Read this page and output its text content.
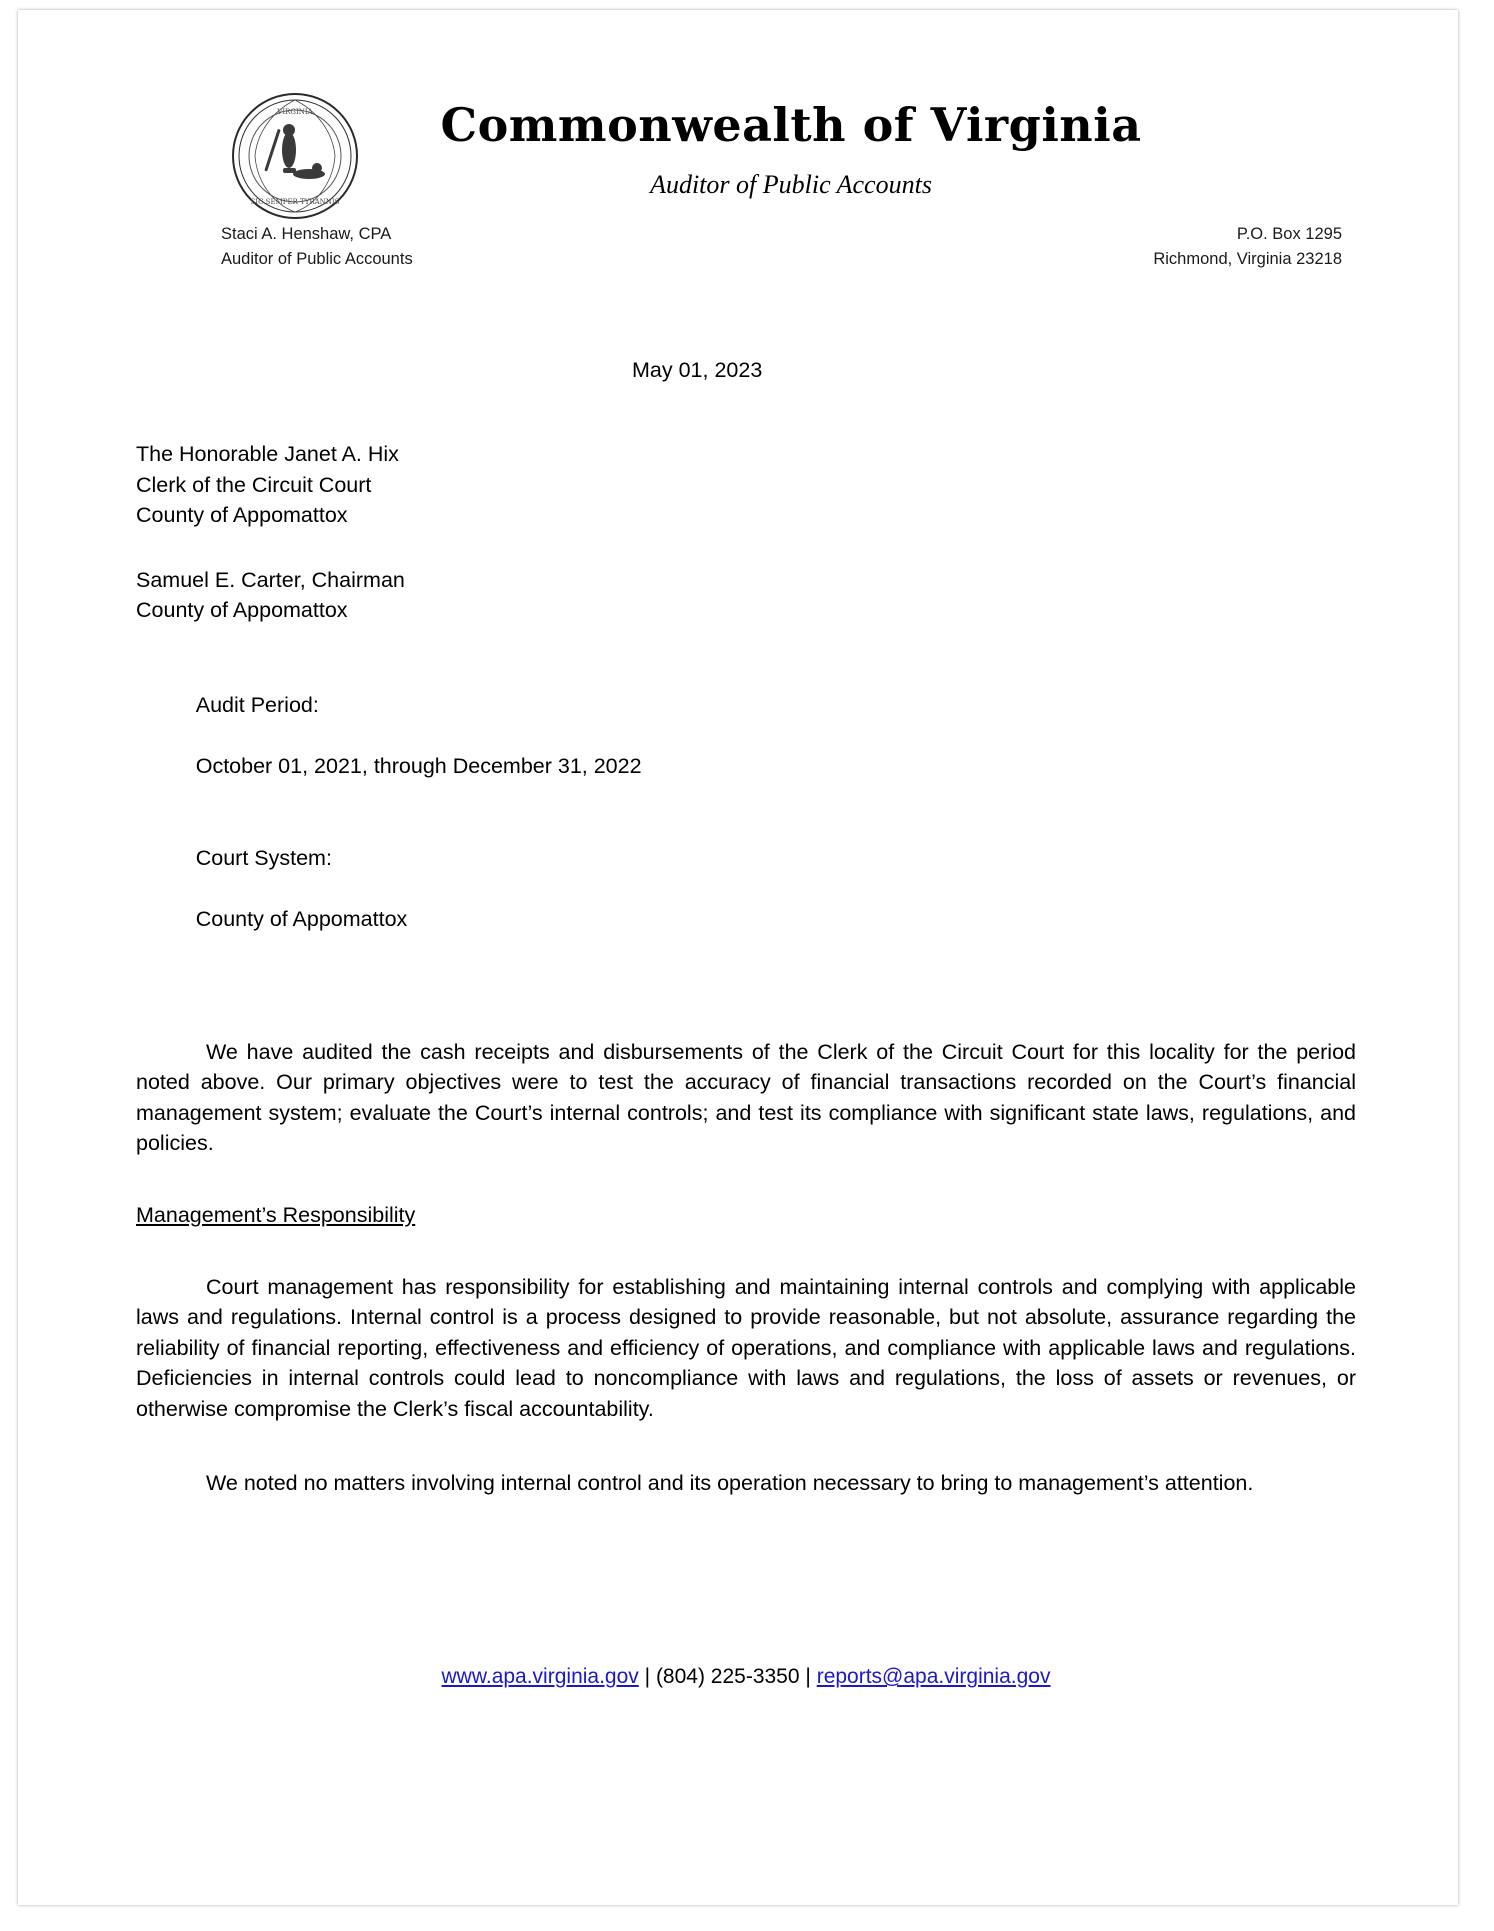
VIRGINIA
SIC SEMPER TYRANNIS
Commonwealth of Virginia
Auditor of Public Accounts
Staci A. Henshaw, CPA
Auditor of Public Accounts
P.O. Box 1295
Richmond, Virginia 23218
May 01, 2023
The Honorable Janet A. Hix
Clerk of the Circuit Court
County of Appomattox
Samuel E. Carter, Chairman
County of Appomattox

Audit Period:

October 01, 2021, through December 31, 2022

Court System:

County of Appomattox

We have audited the cash receipts and disbursements of the Clerk of the Circuit Court for this locality for the period noted above. Our primary objectives were to test the accuracy of financial transactions recorded on the Court’s financial management system; evaluate the Court’s internal controls; and test its compliance with significant state laws, regulations, and policies.
Management’s Responsibility
Court management has responsibility for establishing and maintaining internal controls and complying with applicable laws and regulations. Internal control is a process designed to provide reasonable, but not absolute, assurance regarding the reliability of financial reporting, effectiveness and efficiency of operations, and compliance with applicable laws and regulations. Deficiencies in internal controls could lead to noncompliance with laws and regulations, the loss of assets or revenues, or otherwise compromise the Clerk’s fiscal accountability.
We noted no matters involving internal control and its operation necessary to bring to management’s attention.
www.apa.virginia.gov | (804) 225-3350 | reports@apa.virginia.gov
